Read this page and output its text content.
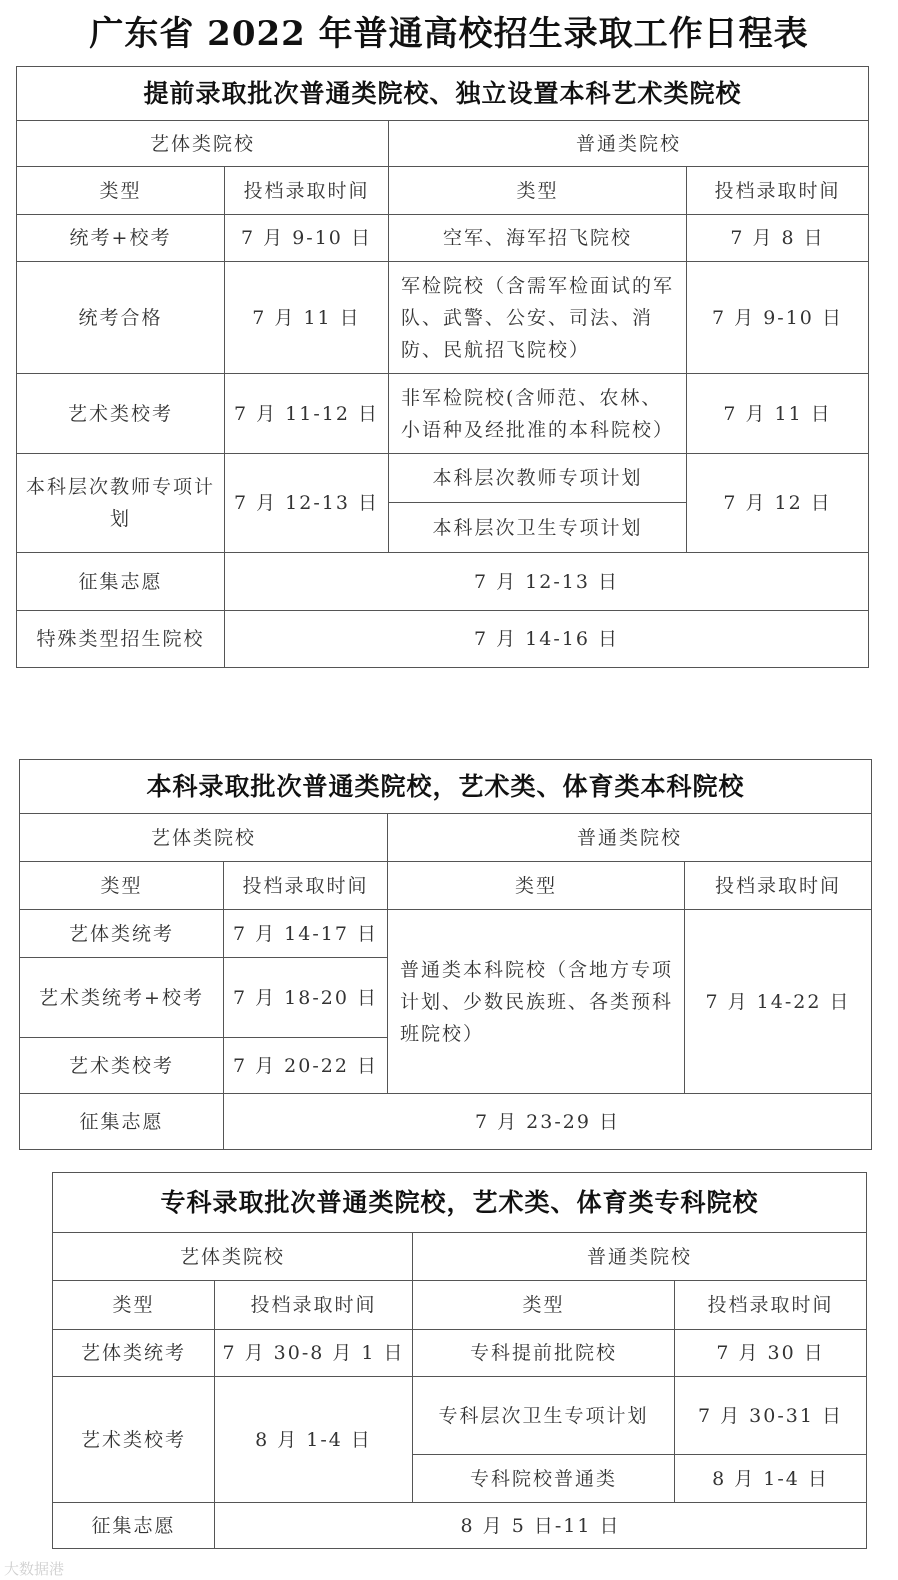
广东省 2022 年普通高校招生录取工作日程表
提前录取批次普通类院校、独立设置本科艺术类院校			
艺体类院校		普通类院校	
类型	投档录取时间	类型	投档录取时间
统考+校考	7 月 9-10 日	空军、海军招飞院校	7 月 8 日
统考合格	7 月 11 日	军检院校（含需军检面试的军队、武警、公安、司法、消防、民航招飞院校）	7 月 9-10 日
艺术类校考	7 月 11-12 日	非军检院校(含师范、农林、小语种及经批准的本科院校）	7 月 11 日
本科层次教师专项计划	7 月 12-13 日	本科层次教师专项计划	7 月 12 日
		本科层次卫生专项计划	
征集志愿	7 月 12-13 日		
特殊类型招生院校	7 月 14-16 日		
本科录取批次普通类院校，艺术类、体育类本科院校			
艺体类院校		普通类院校	
类型	投档录取时间	类型	投档录取时间
艺体类统考	7 月 14-17 日	普通类本科院校（含地方专项计划、少数民族班、各类预科班院校）	7 月 14-22 日
艺术类统考+校考	7 月 18-20 日		
艺术类校考	7 月 20-22 日		
征集志愿	7 月 23-29 日		
专科录取批次普通类院校，艺术类、体育类专科院校			
艺体类院校		普通类院校	
类型	投档录取时间	类型	投档录取时间
艺体类统考	7 月 30-8 月 1 日	专科提前批院校	7 月 30 日
艺术类校考	8 月 1-4 日	专科层次卫生专项计划	7 月 30-31 日
		专科院校普通类	8 月 1-4 日
征集志愿	8 月 5 日-11 日		
大数据港
